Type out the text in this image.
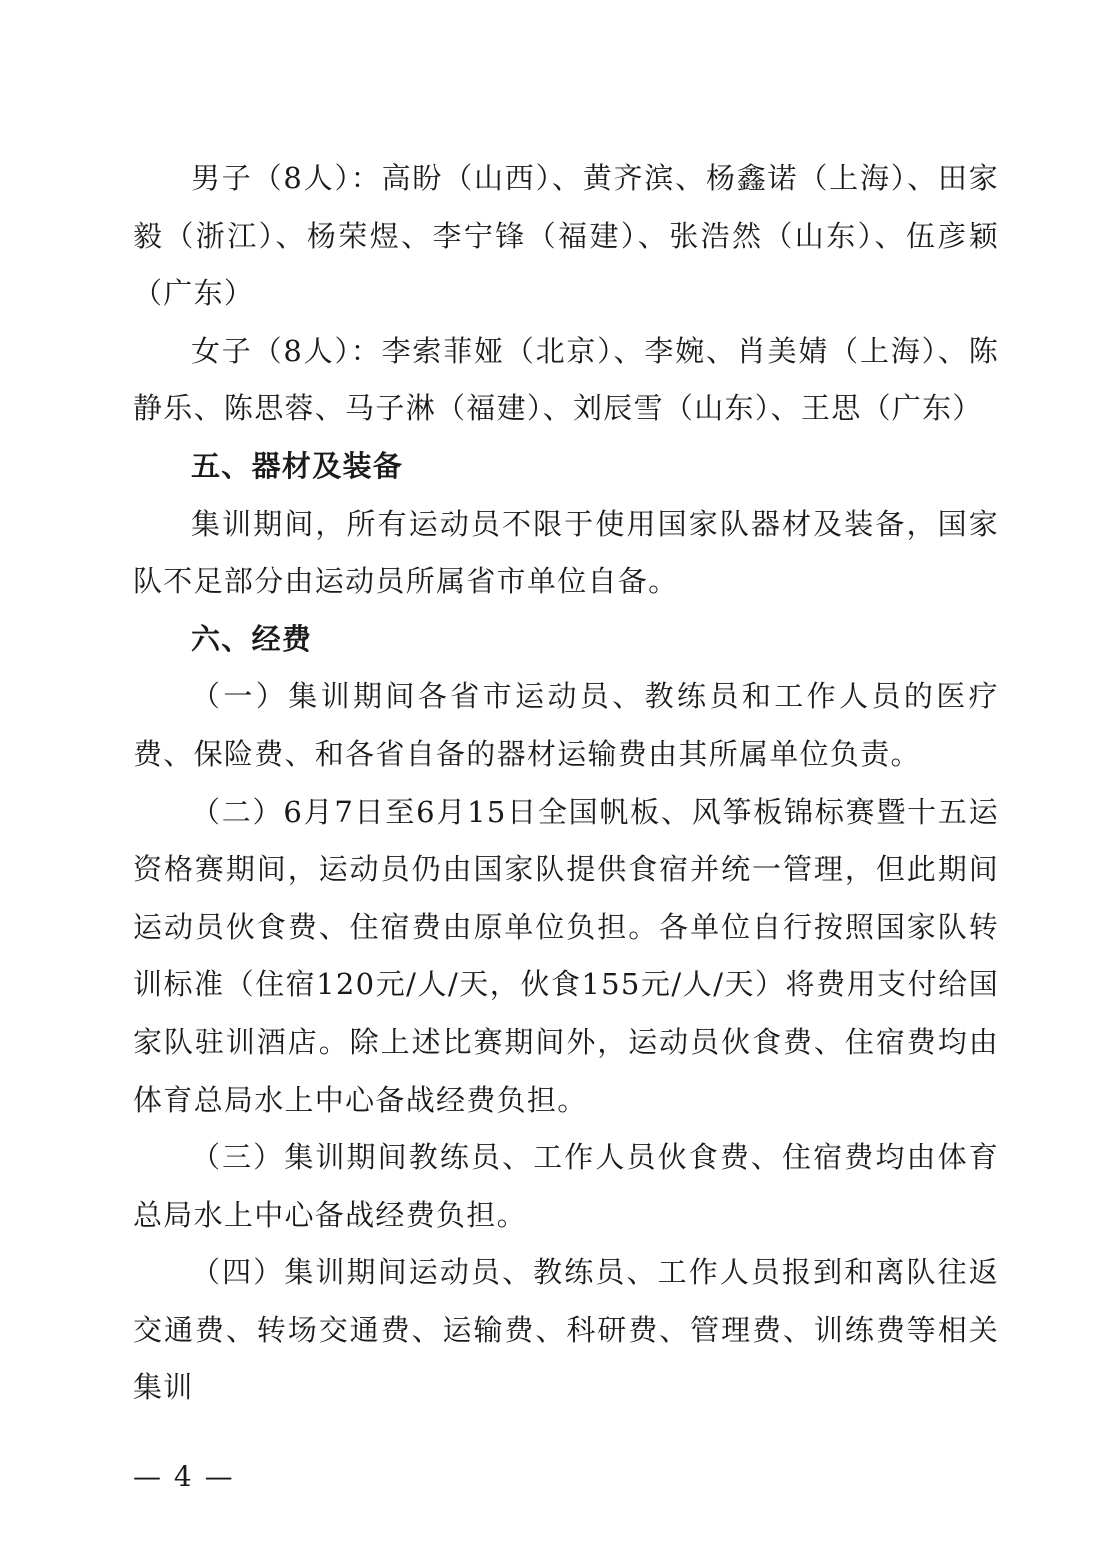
男子（8人）：高盼（山西）、黄齐滨、杨鑫诺（上海）、田家毅（浙江）、杨荣煜、李宁锋（福建）、张浩然（山东）、伍彦颖（广东）

女子（8人）：李索菲娅（北京）、李婉、肖美婧（上海）、陈静乐、陈思蓉、马子淋（福建）、刘辰雪（山东）、王思（广东）

五、器材及装备

集训期间，所有运动员不限于使用国家队器材及装备，国家队不足部分由运动员所属省市单位自备。

六、经费

（一）集训期间各省市运动员、教练员和工作人员的医疗费、保险费、和各省自备的器材运输费由其所属单位负责。

（二）6月7日至6月15日全国帆板、风筝板锦标赛暨十五运资格赛期间，运动员仍由国家队提供食宿并统一管理，但此期间运动员伙食费、住宿费由原单位负担。各单位自行按照国家队转训标准（住宿120元/人/天，伙食155元/人/天）将费用支付给国家队驻训酒店。除上述比赛期间外，运动员伙食费、住宿费均由体育总局水上中心备战经费负担。

（三）集训期间教练员、工作人员伙食费、住宿费均由体育总局水上中心备战经费负担。

（四）集训期间运动员、教练员、工作人员报到和离队往返交通费、转场交通费、运输费、科研费、管理费、训练费等相关集训

— 4 —
